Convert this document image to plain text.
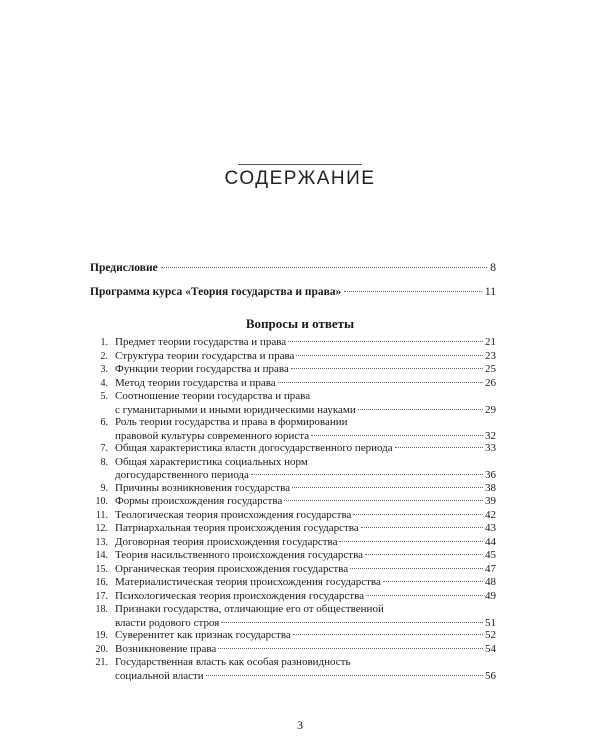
СОДЕРЖАНИЕ
Предисловие	8
Программа курса «Теория государства и права»	11
Вопросы и ответы
1. Предмет теории государства и права	21
2. Структура теории государства и права	23
3. Функции теории государства и права	25
4. Метод теории государства и права	26
5. Соотношение теории государства и права
с гуманитарными и иными юридическими науками	29
6. Роль теории государства и права в формировании
правовой культуры современного юриста	32
7. Общая характеристика власти догосударственного периода	33
8. Общая характеристика социальных норм
догосударственного периода	36
9. Причины возникновения государства	38
10. Формы происхождения государства	39
11. Теологическая теория происхождения государства	42
12. Патриархальная теория происхождения государства	43
13. Договорная теория происхождения государства	44
14. Теория насильственного происхождения государства	45
15. Органическая теория происхождения государства	47
16. Материалистическая теория происхождения государства	48
17. Психологическая теория происхождения государства	49
18. Признаки государства, отличающие его от общественной
власти родового строя	51
19. Суверенитет как признак государства	52
20. Возникновение права	54
21. Государственная власть как особая разновидность
социальной власти	56
3
